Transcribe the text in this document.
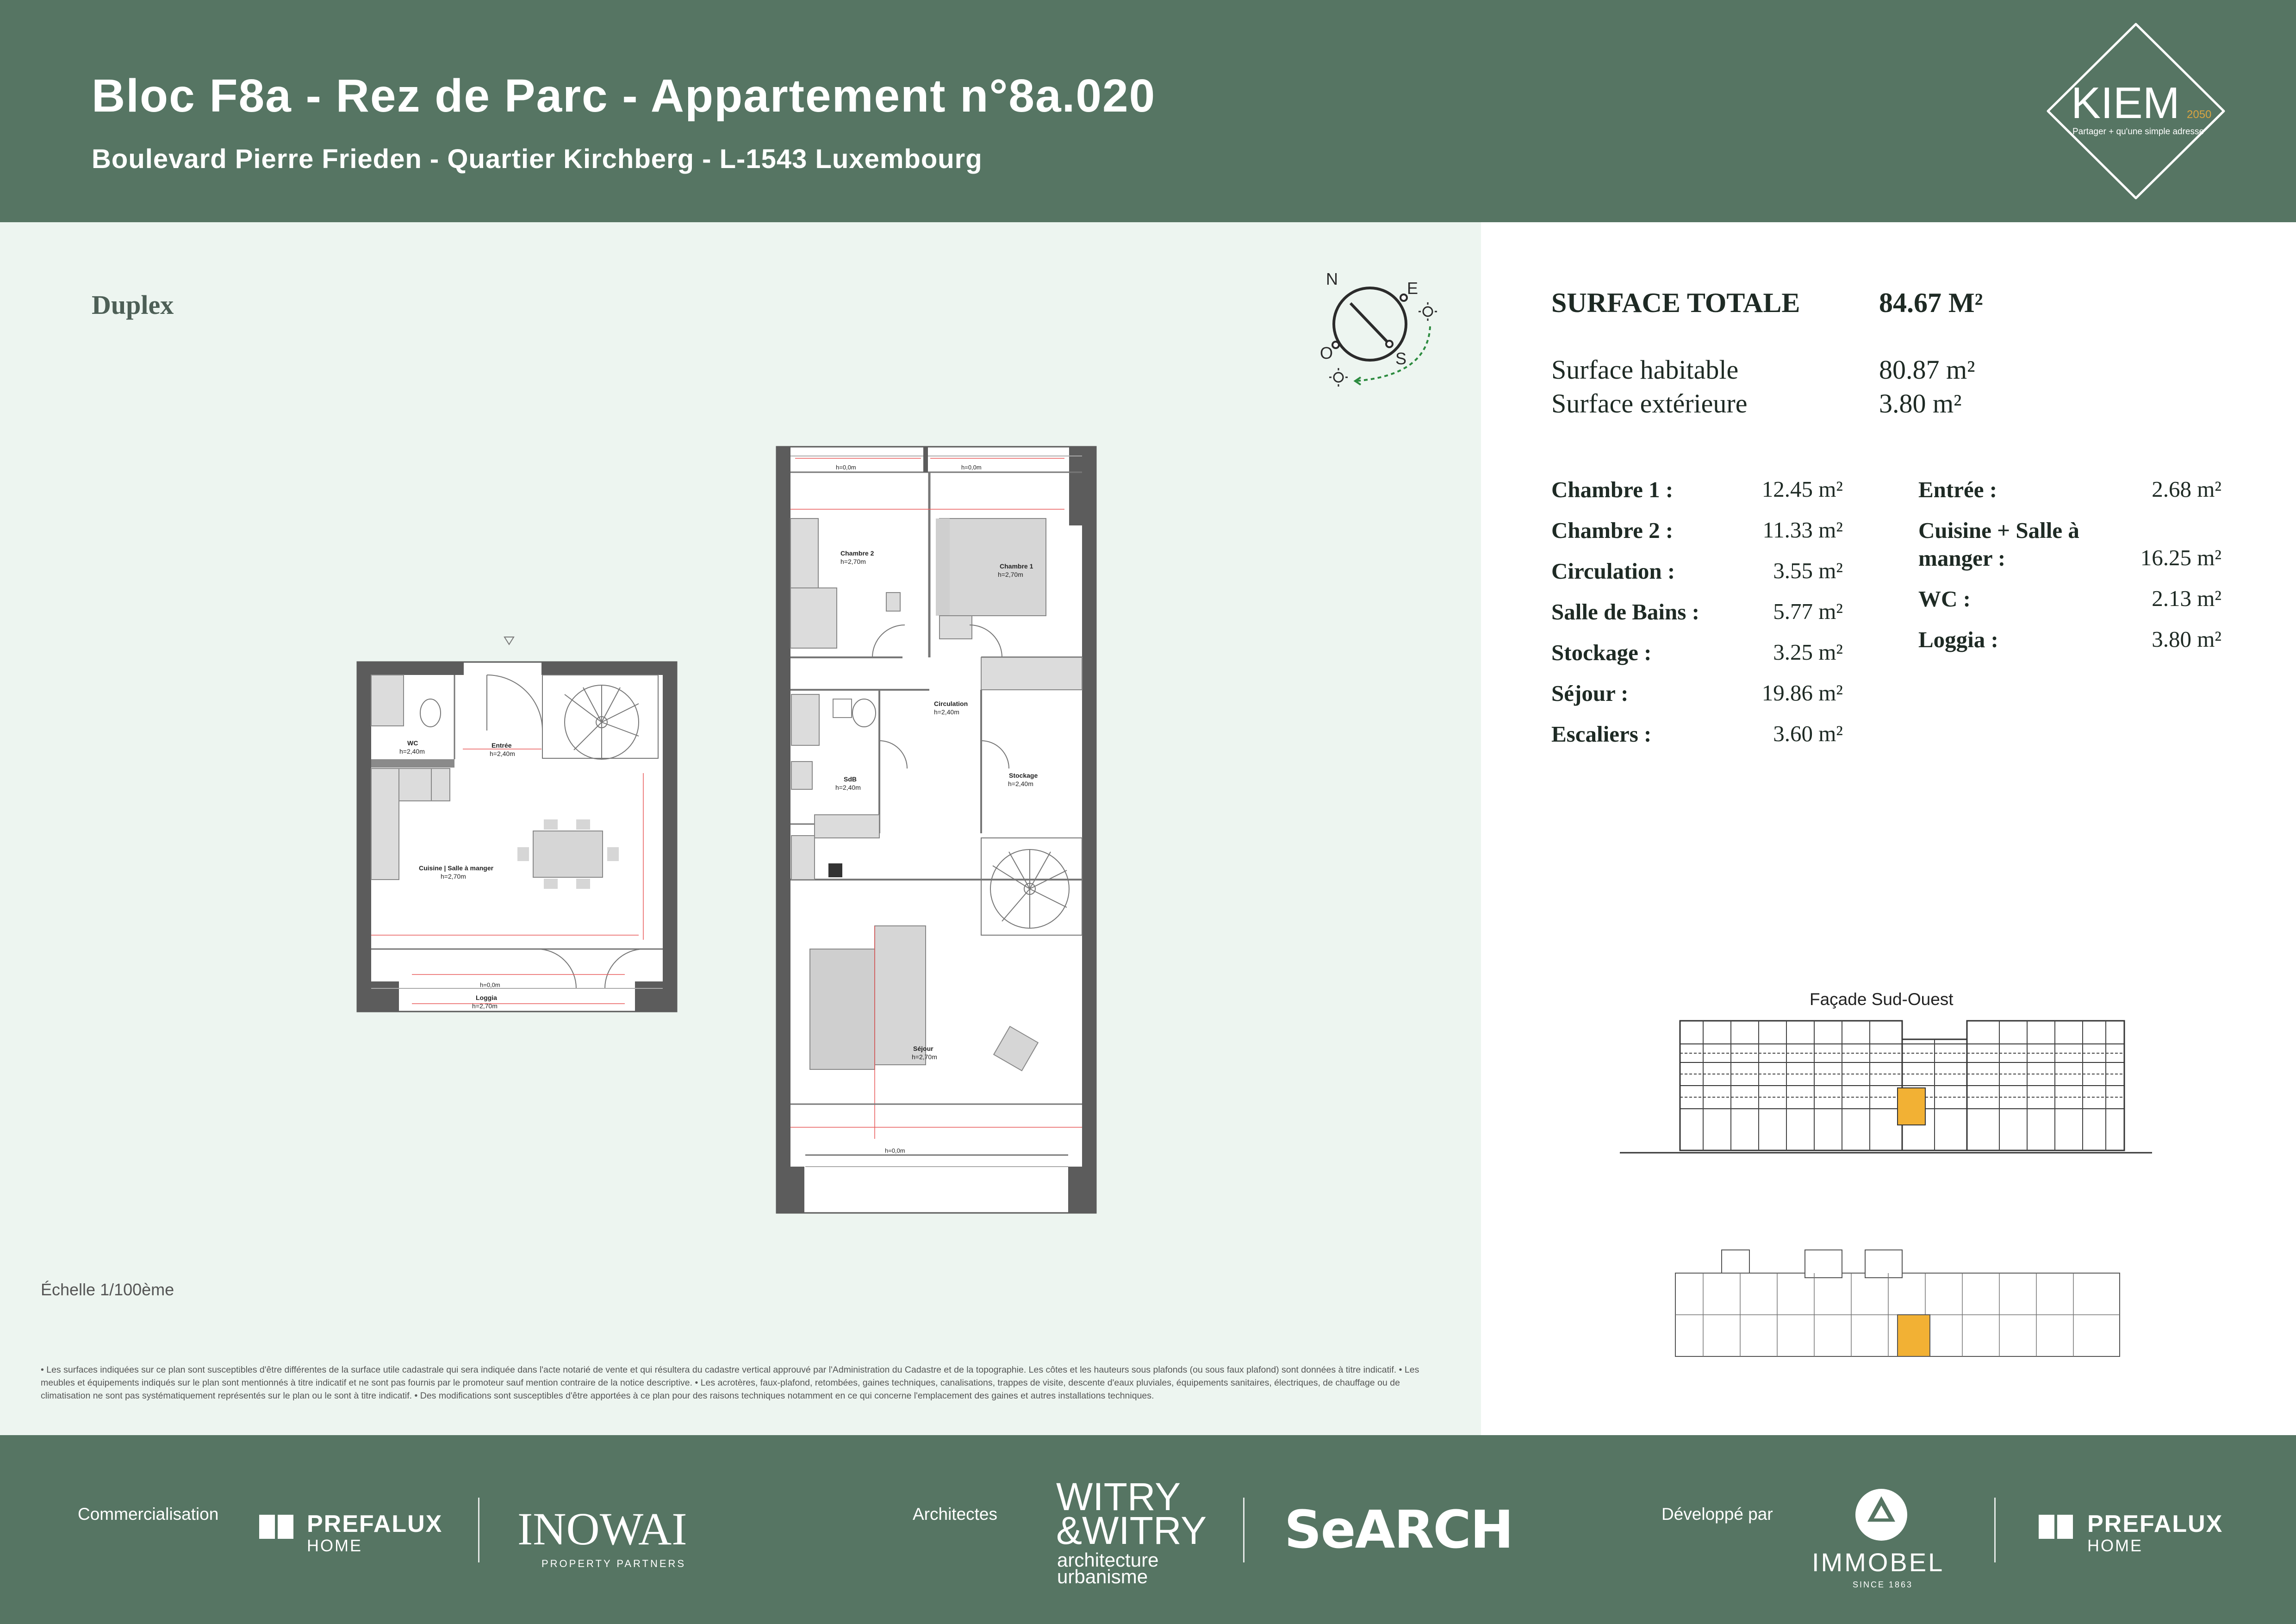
Bloc F8a - Rez de Parc - Appartement n°8a.020
Boulevard Pierre Frieden - Quartier Kirchberg - L-1543 Luxembourg
KIEM 2050
Partager + qu'une simple adresse
Duplex
N	E
S
O
WC
h=2,40m
Entrée
h=2,40m
Cuisine | Salle à manger
h=2,70m
h=0,0m
Loggia
h=2,70m
h=0,0m	h=0,0m
Chambre 2
h=2,70m
Chambre 1
h=2,70m
SdB
h=2,40m
Circulation
h=2,40m
Stockage
h=2,40m
Séjour
h=2,70m
h=0,0m
Échelle 1/100ème
• Les surfaces indiquées sur ce plan sont susceptibles d'être différentes de la surface utile cadastrale qui sera indiquée dans l'acte notarié de vente et qui résultera du cadastre vertical approuvé par l'Administration du Cadastre et de la topographie. Les côtes et les hauteurs sous plafonds (ou sous faux plafond) sont données à titre indicatif. • Les meubles et équipements indiqués sur le plan sont mentionnés à titre indicatif et ne sont pas fournis par le promoteur sauf mention contraire de la notice descriptive. • Les acrotères, faux-plafond, retombées, gaines techniques, canalisations, trappes de visite, descente d'eaux pluviales, équipements sanitaires, électriques, de chauffage ou de climatisation ne sont pas systématiquement représentés sur le plan ou le sont à titre indicatif. • Des modifications sont susceptibles d'être apportées à ce plan pour des raisons techniques notamment en ce qui concerne l'emplacement des gaines et autres installations techniques.
SURFACE TOTALE	84.67 M²
Surface habitable	80.87 m²
Surface extérieure	3.80 m²
Chambre 1 :	12.45 m²
Chambre 2 :	11.33 m²
Circulation :	3.55 m²
Salle de Bains :	5.77 m²
Stockage :	3.25 m²
Séjour :	19.86 m²
Escaliers :	3.60 m²
Entrée :	2.68 m²
Cuisine + Salle à manger :	16.25 m²
WC :	2.13 m²
Loggia :	3.80 m²
Façade Sud-Ouest
Commercialisation	PREFALUX
HOME	INOWAI
PROPERTY PARTNERS
Architectes WITRY
&WITRY
architecture
urbanisme
SeARCH	Développé par
IMMOBEL
SINCE 1863
PREFALUX
HOME
